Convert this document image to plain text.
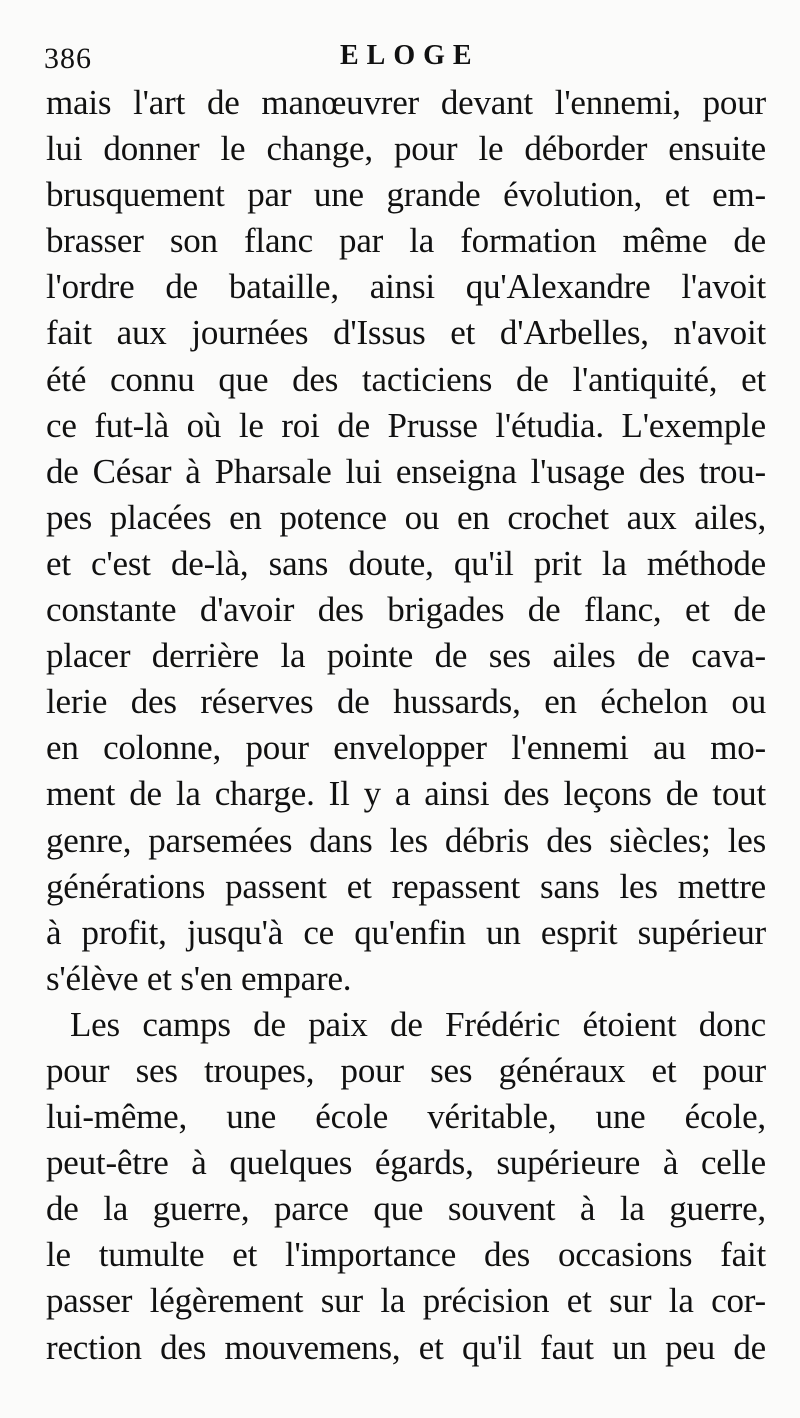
386	ELOGE
mais l'art de manœuvrer devant l'ennemi, pour
lui donner le change, pour le déborder ensuite
brusquement par une grande évolution, et em-
brasser son flanc par la formation même de
l'ordre de bataille, ainsi qu'Alexandre l'avoit
fait aux journées d'Issus et d'Arbelles, n'avoit
été connu que des tacticiens de l'antiquité, et
ce fut-là où le roi de Prusse l'étudia. L'exemple
de César à Pharsale lui enseigna l'usage des trou-
pes placées en potence ou en crochet aux ailes,
et c'est de-là, sans doute, qu'il prit la méthode
constante d'avoir des brigades de flanc, et de
placer derrière la pointe de ses ailes de cava-
lerie des réserves de hussards, en échelon ou
en colonne, pour envelopper l'ennemi au mo-
ment de la charge. Il y a ainsi des leçons de tout
genre, parsemées dans les débris des siècles; les
générations passent et repassent sans les mettre
à profit, jusqu'à ce qu'enfin un esprit supérieur
s'élève et s'en empare.
Les camps de paix de Frédéric étoient donc
pour ses troupes, pour ses généraux et pour
lui-même, une école véritable, une école,
peut-être à quelques égards, supérieure à celle
de la guerre, parce que souvent à la guerre,
le tumulte et l'importance des occasions fait
passer légèrement sur la précision et sur la cor-
rection des mouvemens, et qu'il faut un peu de
